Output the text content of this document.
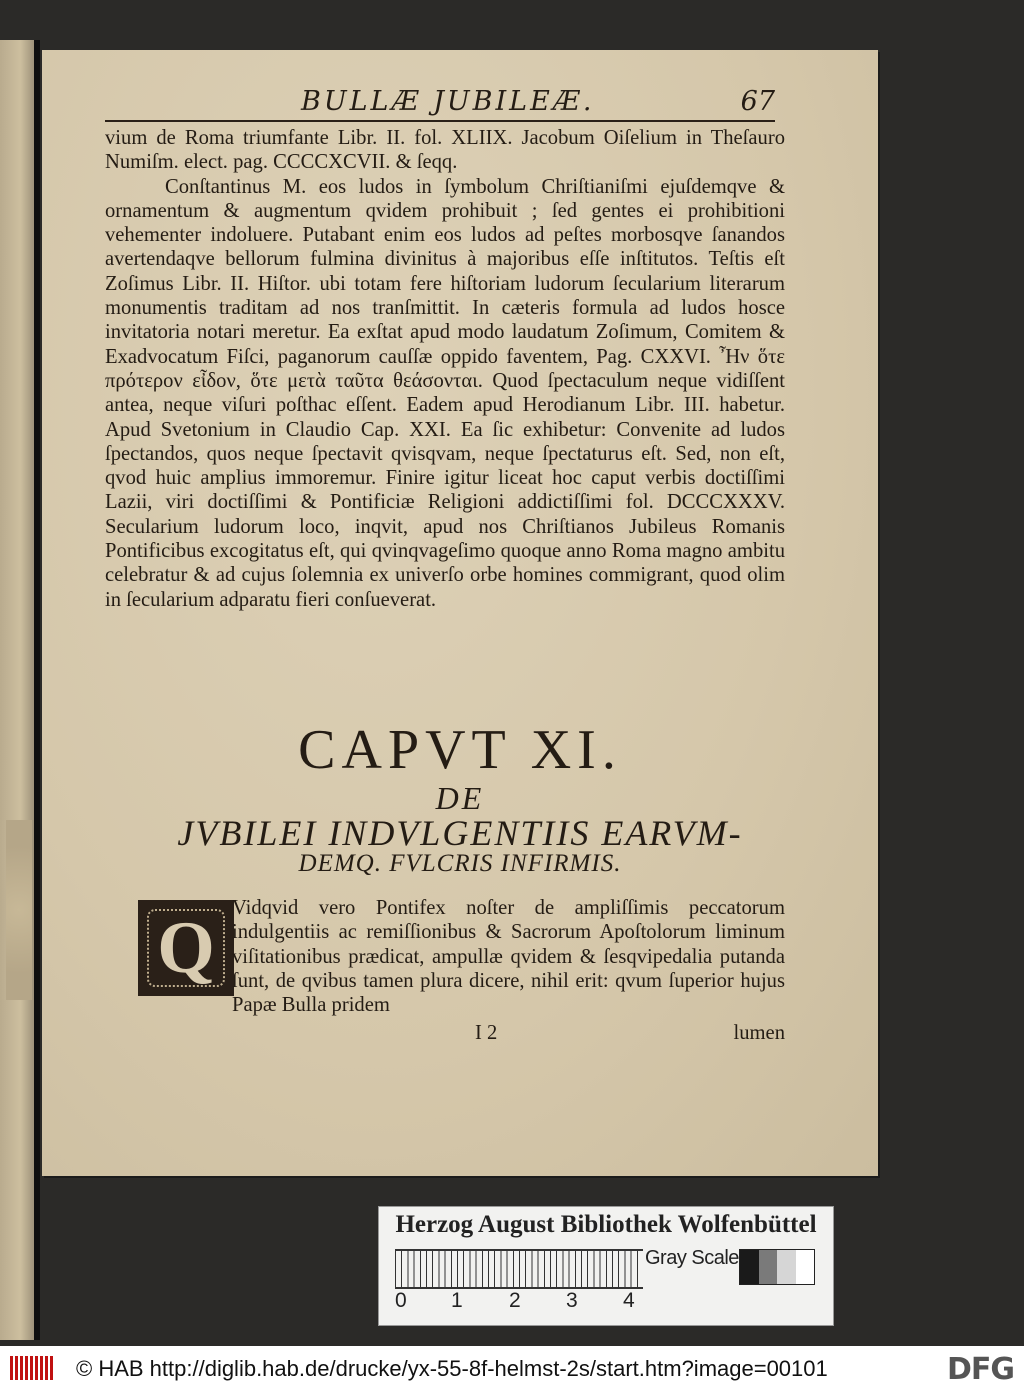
BULLÆ JUBILEÆ.	67

vium de Roma triumfante Libr. II. fol. XLIIX. Jacobum Oiſelium in Theſauro Numiſm. elect. pag. CCCCXCVII. & ſeqq.

Conſtantinus M. eos ludos in ſymbolum Chriſtianiſmi ejuſdemqve & ornamentum & augmentum qvidem prohibuit ; ſed gentes ei prohibitioni vehementer indoluere. Putabant enim eos ludos ad peſtes morbosqve ſanandos avertendaqve bellorum fulmina divinitus à majoribus eſſe inſtitutos. Teſtis eſt Zoſimus Libr. II. Hiſtor. ubi totam fere hiſtoriam ludorum ſecularium literarum monumentis traditam ad nos tranſmittit. In cæteris formula ad ludos hosce invitatoria notari meretur. Ea exſtat apud modo laudatum Zoſimum, Comitem & Exadvocatum Fiſci, paganorum cauſſæ oppido faventem, Pag. CXXVI. Ἦν ὅτε πρότερον εἶδον, ὅτε μετὰ ταῦτα θεάσονται. Quod ſpectaculum neque vidiſſent antea, neque viſuri poſthac eſſent. Eadem apud Herodianum Libr. III. habetur. Apud Svetonium in Claudio Cap. XXI. Ea ſic exhibetur: Convenite ad ludos ſpectandos, quos neque ſpectavit qvisqvam, neque ſpectaturus eſt. Sed, non eſt, qvod huic amplius immoremur. Finire igitur liceat hoc caput verbis doctiſſimi Lazii, viri doctiſſimi & Pontificiæ Religioni addictiſſimi fol. DCCCXXXV. Secularium ludorum loco, inqvit, apud nos Chriſtianos Jubileus Romanis Pontificibus excogitatus eſt, qui qvinqvageſimo quoque anno Roma magno ambitu celebratur & ad cujus ſolemnia ex univerſo orbe homines commigrant, quod olim in ſecularium adparatu fieri conſueverat.

CAPVT XI.
DE
JVBILEI INDVLGENTIIS EARVM-
DEMQ. FVLCRIS INFIRMIS.
Q Vidqvid vero Pontifex noſter de ampliſſimis peccatorum indulgentiis ac remiſſionibus & Sacrorum Apoſtolorum liminum viſitationibus prædicat, ampullæ qvidem & ſesqvipedalia putanda ſunt, de qvibus tamen plura dicere, nihil erit: qvum ſuperior hujus Papæ Bulla pridem

I 2	lumen
Herzog August Bibliothek Wolfenbüttel
0 1 2 3 4
Gray Scale
© HAB http://diglib.hab.de/drucke/yx-55-8f-helmst-2s/start.htm?image=00101	DFG
